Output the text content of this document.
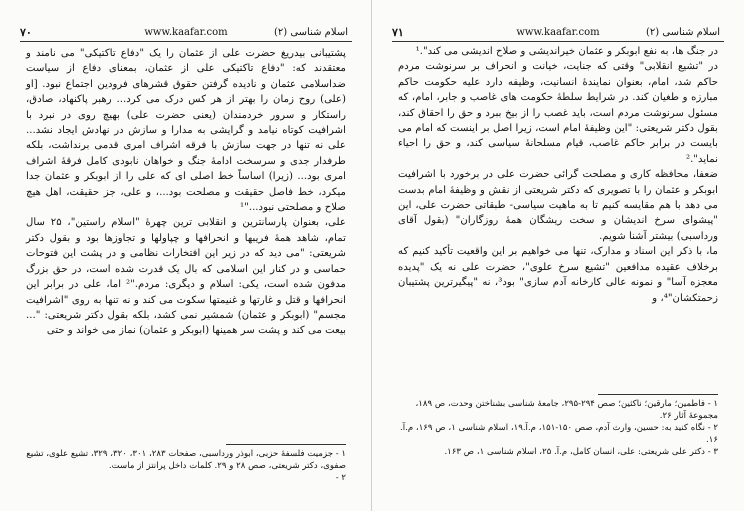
۷۰	www.kaafar.com	اسلام شناسی (۲)

پشتیبانی بیدریغ حضرت علی از عثمان را یک "دفاع تاکتیکی" می نامند و معتقدند که: "دفاع تاکتیکی علی از عثمان، بمعنای دفاع از سیاست ضداسلامی عثمان و نادیده گرفتن حقوق قشرهای فرودین اجتماع نبود. [او (علی) روح زمان را بهتر از هر کس درک می کرد... رهبر پاکنهاد، صادق، راستکار و سرور خردمندان (یعنی حضرت علی) بهیچ روی در نبرد با اشرافیت کوتاه نیامد و گرایشی به مدارا و سازش در نهادش ایجاد نشد... علی نه تنها در جهت سازش با فرقه اشراف امری قدمی برنداشت، بلکه طرفدار جدی و سرسخت ادامهٔ جنگ و خواهان نابودی کامل فرقهٔ اشراف امری بود... (زیرا) اساساً خط اصلی ای که علی را از ابوبکر و عثمان جدا میکرد، خط فاصل حقیقت و مصلحت بود...، و علی، جز حقیقت، اهل هیچ صلاح و مصلحتی نبود..."¹

علی، بعنوان پارسانترین و انقلابی ترین چهرهٔ "اسلام راستین"، ۲۵ سال تمام، شاهد همهٔ فریبها و انحرافها و چپاولها و تجاوزها بود و بقول دکتر شریعتی: "می دید که در زیر این افتخارات نظامی و در پشت این فتوحات حماسی و در کنار این اسلامی که بال یک قدرت شده است، در حق بزرگ مدفون شده است، یکی: اسلام و دیگری: مردم."² اما، علی در برابر این انحرافها و قتل و غارتها و غنیمتها سکوت می کند و نه تنها به روی "اشرافیت مجسم" (ابوبکر و عثمان) شمشیر نمی کشد، بلکه بقول دکتر شریعتی: "... بیعت می کند و پشت سر همینها (ابوبکر و عثمان) نماز می خواند و حتی

۱ - جزمیت فلسفهٔ حزبی، ابوذر ورداسبی، صفحات ۲۸۳، ۳۰۱، ۳۲۰، ۳۲۹، تشیع علوی، تشیع صفوی، دکتر شریعتی، صص ۲۸ و ۲۹. کلمات داخل پرانتز از ماست.

۲ -

۷۱	www.kaafar.com	اسلام شناسی (۲)

در جنگ ها، به نفع ابوبکر و عثمان خیراندیشی و صلاح اندیشی می کند".¹

در "تشیع انقلابی" وقتی که جنایت، خیانت و انحراف بر سرنوشت مردم حاکم شد، امام، بعنوان نمایندهٔ انسانیت، وظیفه دارد علیه حکومت حاکم مبارزه و طغیان کند. در شرایط سلطهٔ حکومت های غاصب و جابر، امام، که مسئول سرنوشت مردم است، باید غصب را از بیخ ببرد و حق را احقاق کند، بقول دکتر شریعتی: "این وظیفهٔ امام است، زیرا اصل بر اینست که امام می بایست در برابر حاکم غاصب، قیام مسلحانهٔ سیاسی کند، و حق را احیاء نماید".²

ضعفا، محافظه کاری و مصلحت گرائی حضرت علی در برخورد با اشرافیت ابوبکر و عثمان را با تصویری که دکتر شریعتی از نقش و وظیفهٔ امام بدست می دهد با هم مقایسه کنیم تا به ماهیت سیاسی- طبقاتی حضرت علی، این "پیشوای سرخ اندیشان و سخت ریشگان همهٔ روزگاران" (بقول آقای ورداسبی) بیشتر آشنا شویم.

ما، با ذکر این اسناد و مدارک، تنها می خواهیم بر این واقعیت تأکید کنیم که برخلاف عقیده مدافعین "تشیع سرخ علوی"، حضرت علی نه یک "پدیده معجزه آسا" و نمونه عالی کارخانه آدم سازی" بود³، نه "پیگیرترین پشتیبان زحمتکشان"⁴، و

۱ - فاطمین؛ مارقین؛ ناکثین؛ صص ۲۹۴-۲۹۵، جامعهٔ شناسی بشناختن وحدت، ص ۱۸۹، مجموعهٔ آثار ۲۶.

۲ - نگاه کنید به: حسین، وارث آدم، صص ۱۵۰-۱۵۱، م.آ.۱۹، اسلام شناسی ۱، ص ۱۶۹، م.آ. ۱۶.

۳ - دکتر علی شریعتی: علی، انسان کامل، م.آ. ۲۵، اسلام شناسی ۱، ص ۱۶۳.
